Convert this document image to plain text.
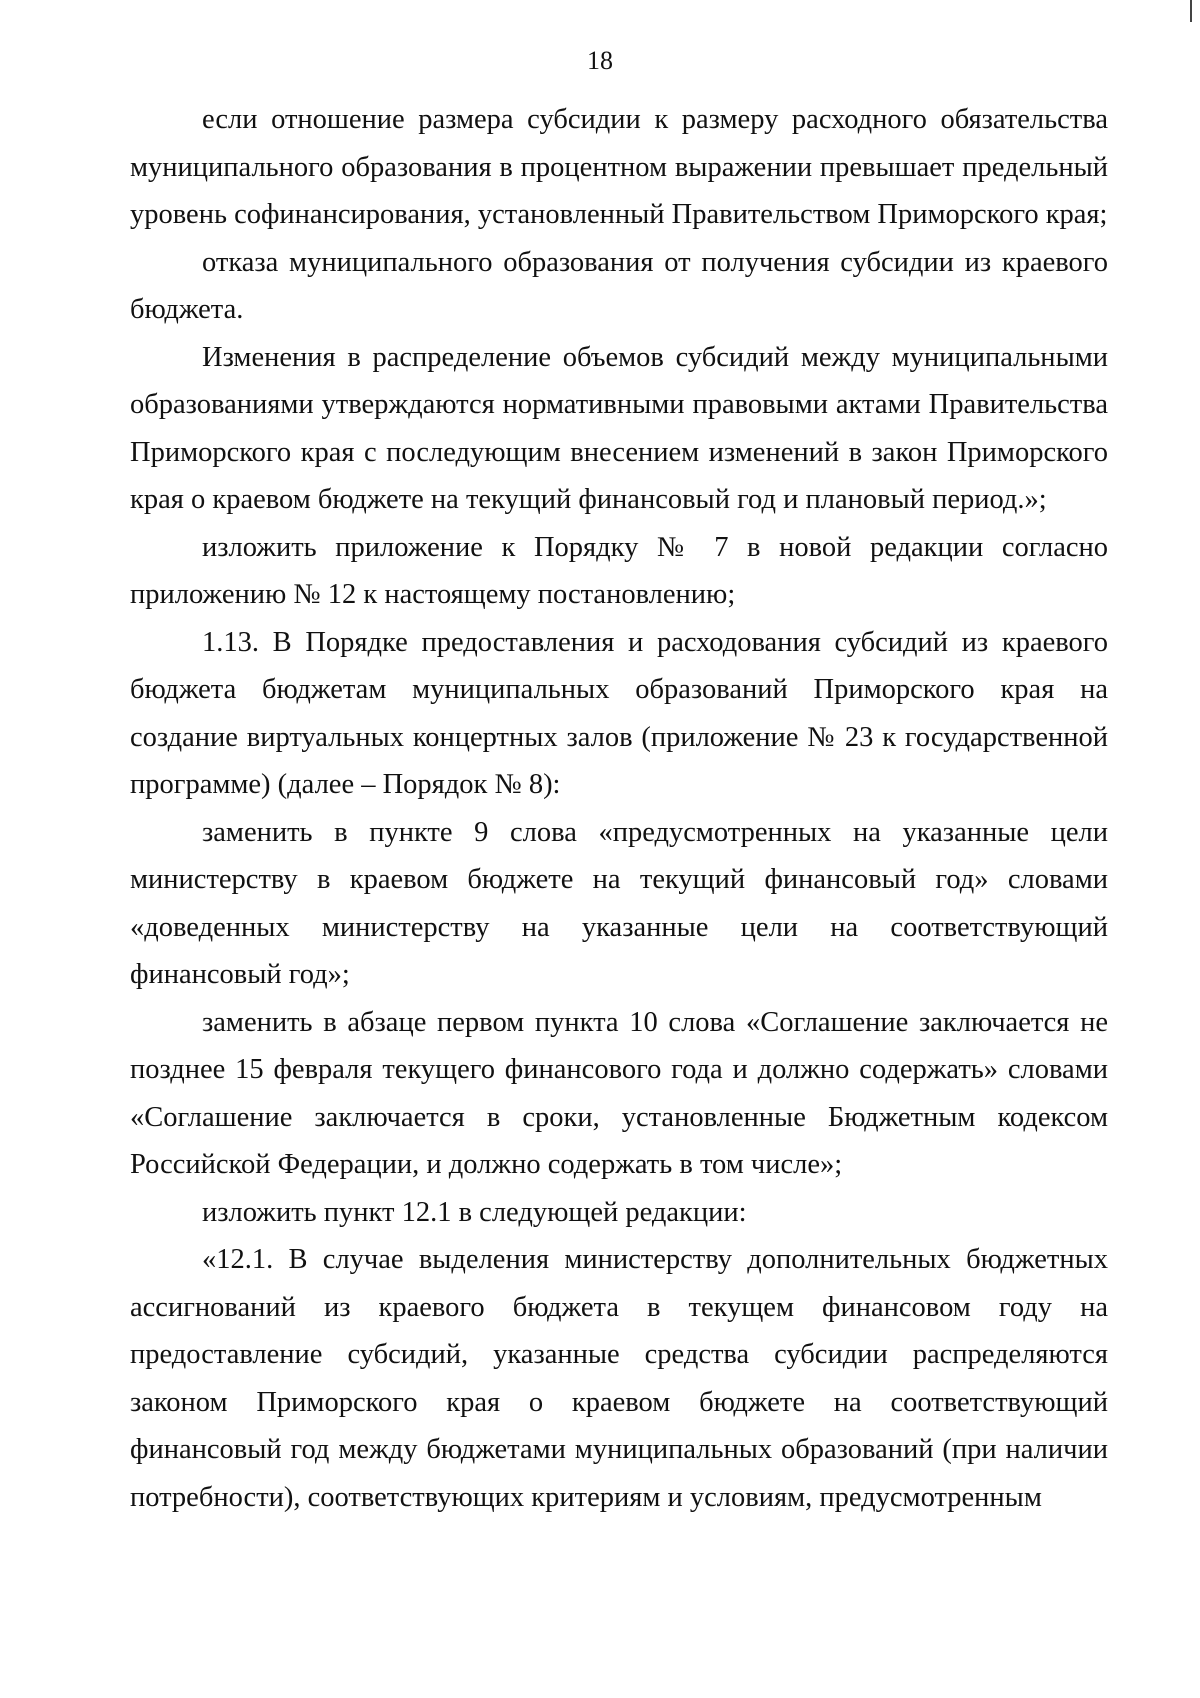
18

если отношение размера субсидии к размеру расходного обязательства муниципального образования в процентном выражении превышает предельный уровень софинансирования, установленный Правительством Приморского края;

отказа муниципального образования от получения субсидии из краевого бюджета.

Изменения в распределение объемов субсидий между муниципальными образованиями утверждаются нормативными правовыми актами Правительства Приморского края с последующим внесением изменений в закон Приморского края о краевом бюджете на текущий финансовый год и плановый период.»;

изложить приложение к Порядку № 7 в новой редакции согласно приложению № 12 к настоящему постановлению;

1.13. В Порядке предоставления и расходования субсидий из краевого бюджета бюджетам муниципальных образований Приморского края на создание виртуальных концертных залов (приложение № 23 к государственной программе) (далее – Порядок № 8):

заменить в пункте 9 слова «предусмотренных на указанные цели министерству в краевом бюджете на текущий финансовый год» словами «доведенных министерству на указанные цели на соответствующий финансовый год»;

заменить в абзаце первом пункта 10 слова «Соглашение заключается не позднее 15 февраля текущего финансового года и должно содержать» словами «Соглашение заключается в сроки, установленные Бюджетным кодексом Российской Федерации, и должно содержать в том числе»;

изложить пункт 12.1 в следующей редакции:

«12.1. В случае выделения министерству дополнительных бюджетных ассигнований из краевого бюджета в текущем финансовом году на предоставление субсидий, указанные средства субсидии распределяются законом Приморского края о краевом бюджете на соответствующий финансовый год между бюджетами муниципальных образований (при наличии потребности), соответствующих критериям и условиям, предусмотренным
